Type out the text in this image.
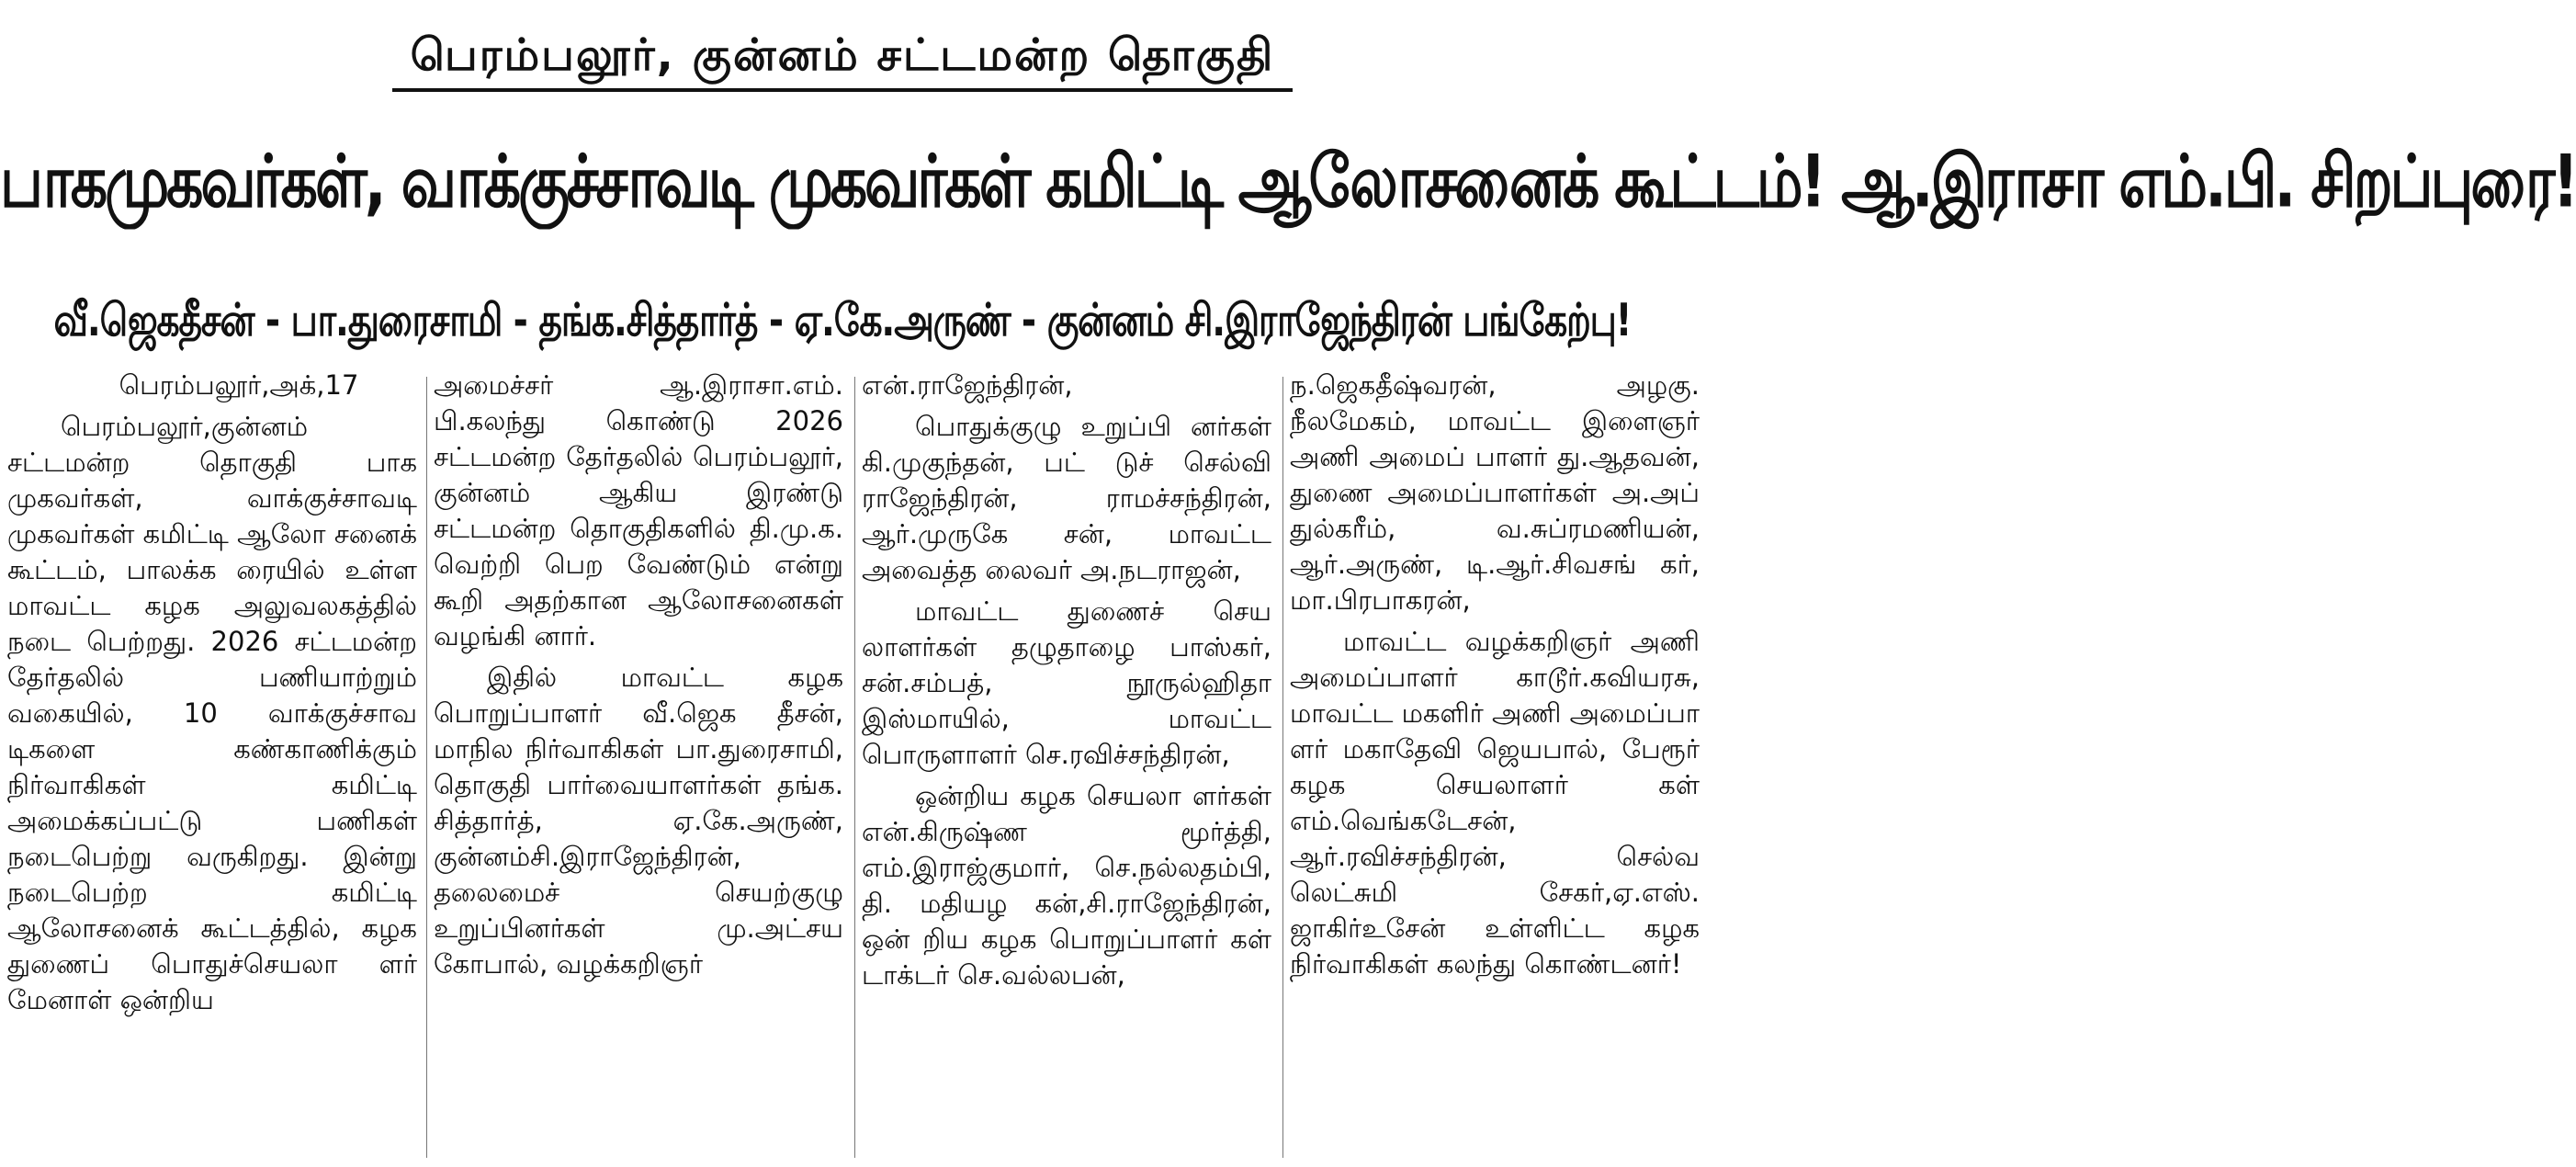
பெரம்பலூர், குன்னம் சட்டமன்ற தொகுதி
பாகமுகவர்கள், வாக்குச்சாவடி முகவர்கள் கமிட்டி ஆலோசனைக் கூட்டம்! ஆ.இராசா எம்.பி. சிறப்புரை!
வீ.ஜெகதீசன் - பா.துரைசாமி - தங்க.சித்தார்த் - ஏ.கே.அருண் - குன்னம் சி.இராஜேந்திரன் பங்கேற்பு!

பெரம்பலூர்,அக்,17

பெரம்பலூர்,குன்னம் சட்டமன்ற தொகுதி பாக முகவர்கள், வாக்குச்சாவடி முகவர்கள் கமிட்டி ஆலோ சனைக் கூட்டம், பாலக்க ரையில் உள்ள மாவட்ட கழக அலுவலகத்தில் நடை பெற்றது. 2026 சட்டமன்ற தேர்தலில் பணியாற்றும் வகையில், 10 வாக்குச்சாவ டிகளை கண்காணிக்கும் நிர்வாகிகள் கமிட்டி அமைக்கப்பட்டு பணிகள் நடைபெற்று வருகிறது. இன்று நடைபெற்ற கமிட்டி ஆலோசனைக் கூட்டத்தில், கழக துணைப் பொதுச்செயலா ளர் மேனாள் ஒன்றிய

அமைச்சர் ஆ.இராசா.எம். பி.கலந்து கொண்டு 2026 சட்டமன்ற தேர்தலில் பெரம்பலூர், குன்னம் ஆகிய இரண்டு சட்டமன்ற தொகுதிகளில் தி.மு.க. வெற்றி பெற வேண்டும் என்று கூறி அதற்கான ஆலோசனைகள் வழங்கி னார்.

இதில் மாவட்ட கழக பொறுப்பாளர் வீ.ஜெக தீசன், மாநில நிர்வாகிகள் பா.துரைசாமி, தொகுதி பார்வையாளர்கள் தங்க. சித்தார்த், ஏ.கே.அருண், குன்னம்சி.இராஜேந்திரன், தலைமைச் செயற்குழு உறுப்பினர்கள் மு.அட்சய கோபால், வழக்கறிஞர்

என்.ராஜேந்திரன்,

பொதுக்குழு உறுப்பி னர்கள் கி.முகுந்தன், பட் டுச் செல்வி ராஜேந்திரன், ராமச்சந்திரன், ஆர்.முருகே சன், மாவட்ட அவைத்த லைவர் அ.நடராஜன்,

மாவட்ட துணைச் செய லாளர்கள் தழுதாழை பாஸ்கர், சன்.சம்பத், நூருல்ஹிதா இஸ்மாயில், மாவட்ட பொருளாளர் செ.ரவிச்சந்திரன்,

ஒன்றிய கழக செயலா ளர்கள் என்.கிருஷ்ண மூர்த்தி, எம்.இராஜ்குமார், செ.நல்லதம்பி, தி. மதியழ கன்,சி.ராஜேந்திரன், ஒன் றிய கழக பொறுப்பாளர் கள் டாக்டர் செ.வல்லபன்,

ந.ஜெகதீஷ்வரன், அழகு. நீலமேகம், மாவட்ட இளைஞர் அணி அமைப் பாளர் து.ஆதவன், துணை அமைப்பாளர்கள் அ.அப் துல்கரீம், வ.சுப்ரமணியன், ஆர்.அருண், டி.ஆர்.சிவசங் கர், மா.பிரபாகரன்,

மாவட்ட வழக்கறிஞர் அணி அமைப்பாளர் காடூர்.கவியரசு, மாவட்ட மகளிர் அணி அமைப்பா ளர் மகாதேவி ஜெயபால், பேரூர் கழக செயலாளர் கள் எம்.வெங்கடேசன், ஆர்.ரவிச்சந்திரன், செல்வ லெட்சுமி சேகர்,ஏ.எஸ். ஜாகிர்உசேன் உள்ளிட்ட கழக நிர்வாகிகள் கலந்து கொண்டனர்!
